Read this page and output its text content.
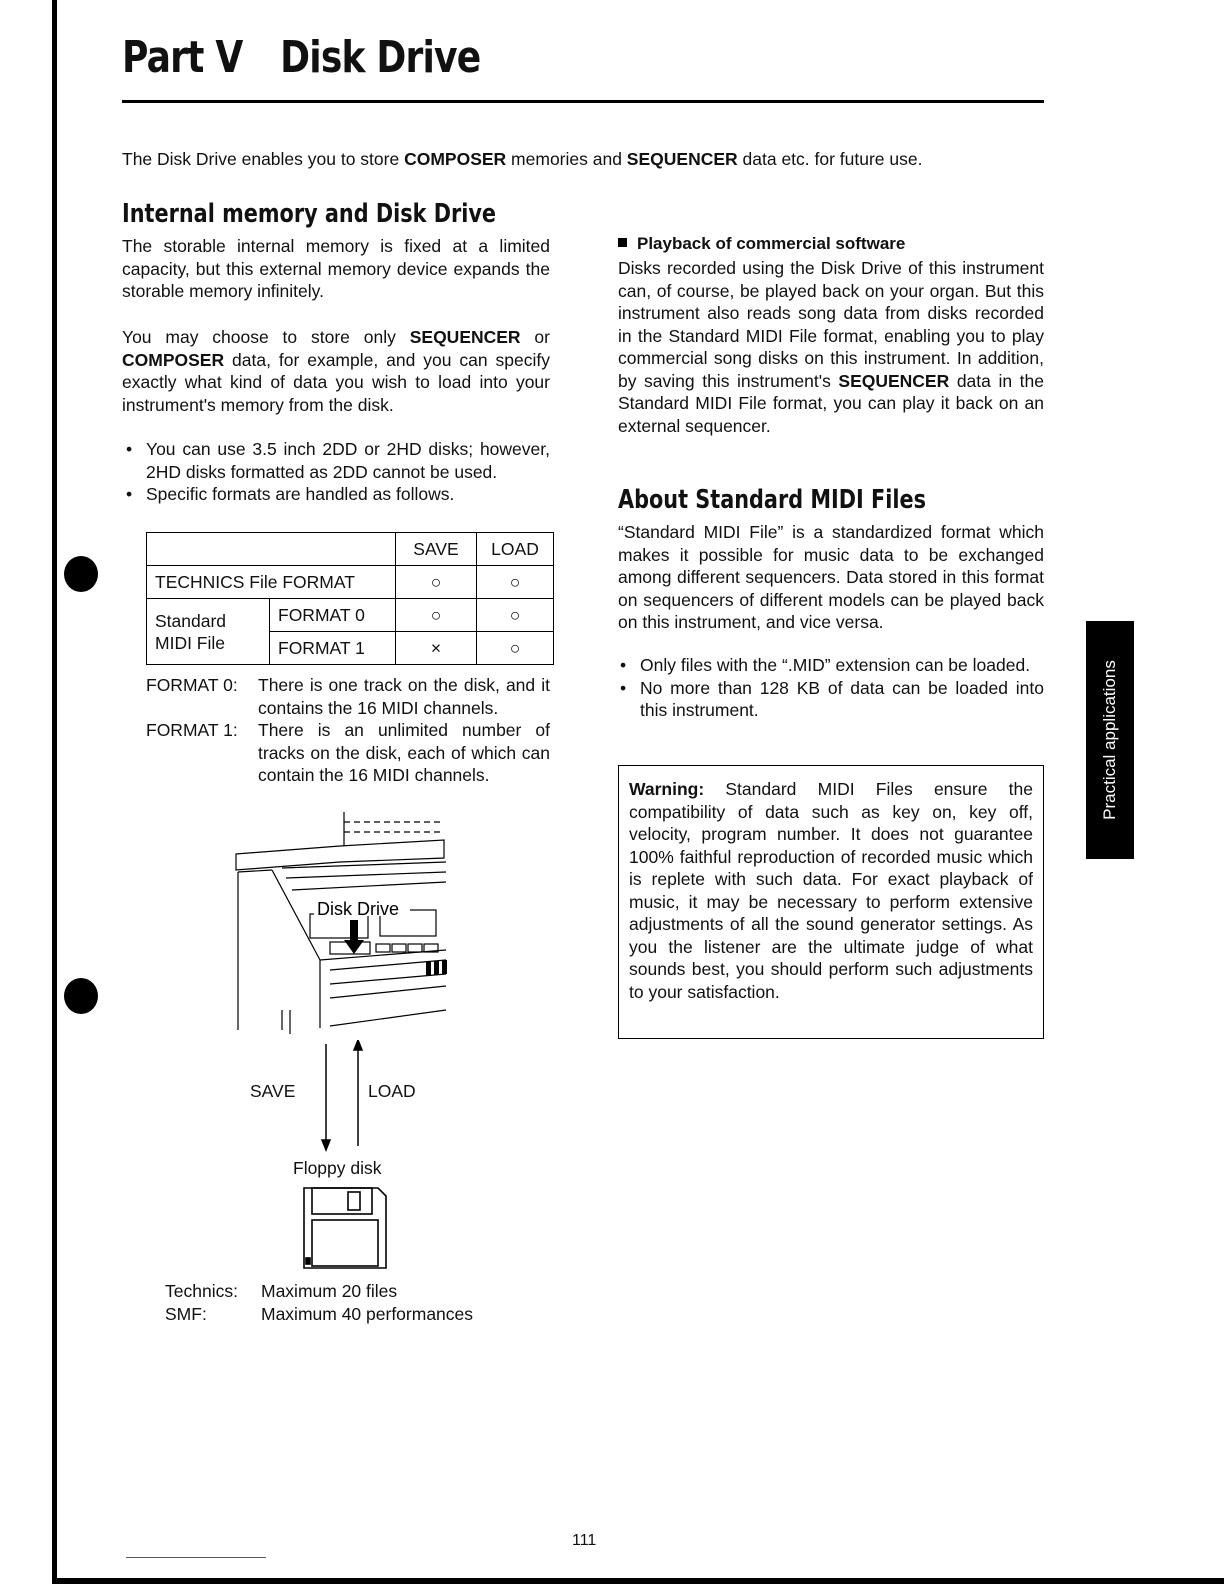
Part V Disk Drive
The Disk Drive enables you to store COMPOSER memories and SEQUENCER data etc. for future use.
Internal memory and Disk Drive

The storable internal memory is fixed at a limited capacity, but this external memory device expands the storable memory infinitely.

You may choose to store only SEQUENCER or COMPOSER data, for example, and you can specify exactly what kind of data you wish to load into your instrument's memory from the disk.

• You can use 3.5 inch 2DD or 2HD disks; however, 2HD disks formatted as 2DD cannot be used.
• Specific formats are handled as follows.
		SAVE	LOAD
TECHNICS File FORMAT		○	○
Standard MIDI File	FORMAT 0	○	○
	FORMAT 1	×	○
FORMAT 0:	There is one track on the disk, and it contains the 16 MIDI channels.
FORMAT 1:	There is an unlimited number of tracks on the disk, each of which can contain the 16 MIDI channels.
Disk Drive
SAVE	LOAD
Floppy disk
Technics:	Maximum 20 files
SMF:	Maximum 40 performances
Playback of commercial software

Disks recorded using the Disk Drive of this instrument can, of course, be played back on your organ. But this instrument also reads song data from disks recorded in the Standard MIDI File format, enabling you to play commercial song disks on this instrument. In addition, by saving this instrument's SEQUENCER data in the Standard MIDI File format, you can play it back on an external sequencer.

About Standard MIDI Files

“Standard MIDI File” is a standardized format which makes it possible for music data to be exchanged among different sequencers. Data stored in this format on sequencers of different models can be played back on this instrument, and vice versa.

• Only files with the “.MID” extension can be loaded.
• No more than 128 KB of data can be loaded into this instrument.
Warning: Standard MIDI Files ensure the compatibility of data such as key on, key off, velocity, program number. It does not guarantee 100% faithful reproduction of recorded music which is replete with such data. For exact playback of music, it may be necessary to perform extensive adjustments of all the sound generator settings. As you the listener are the ultimate judge of what sounds best, you should perform such adjustments to your satisfaction.
Practical applications
111
